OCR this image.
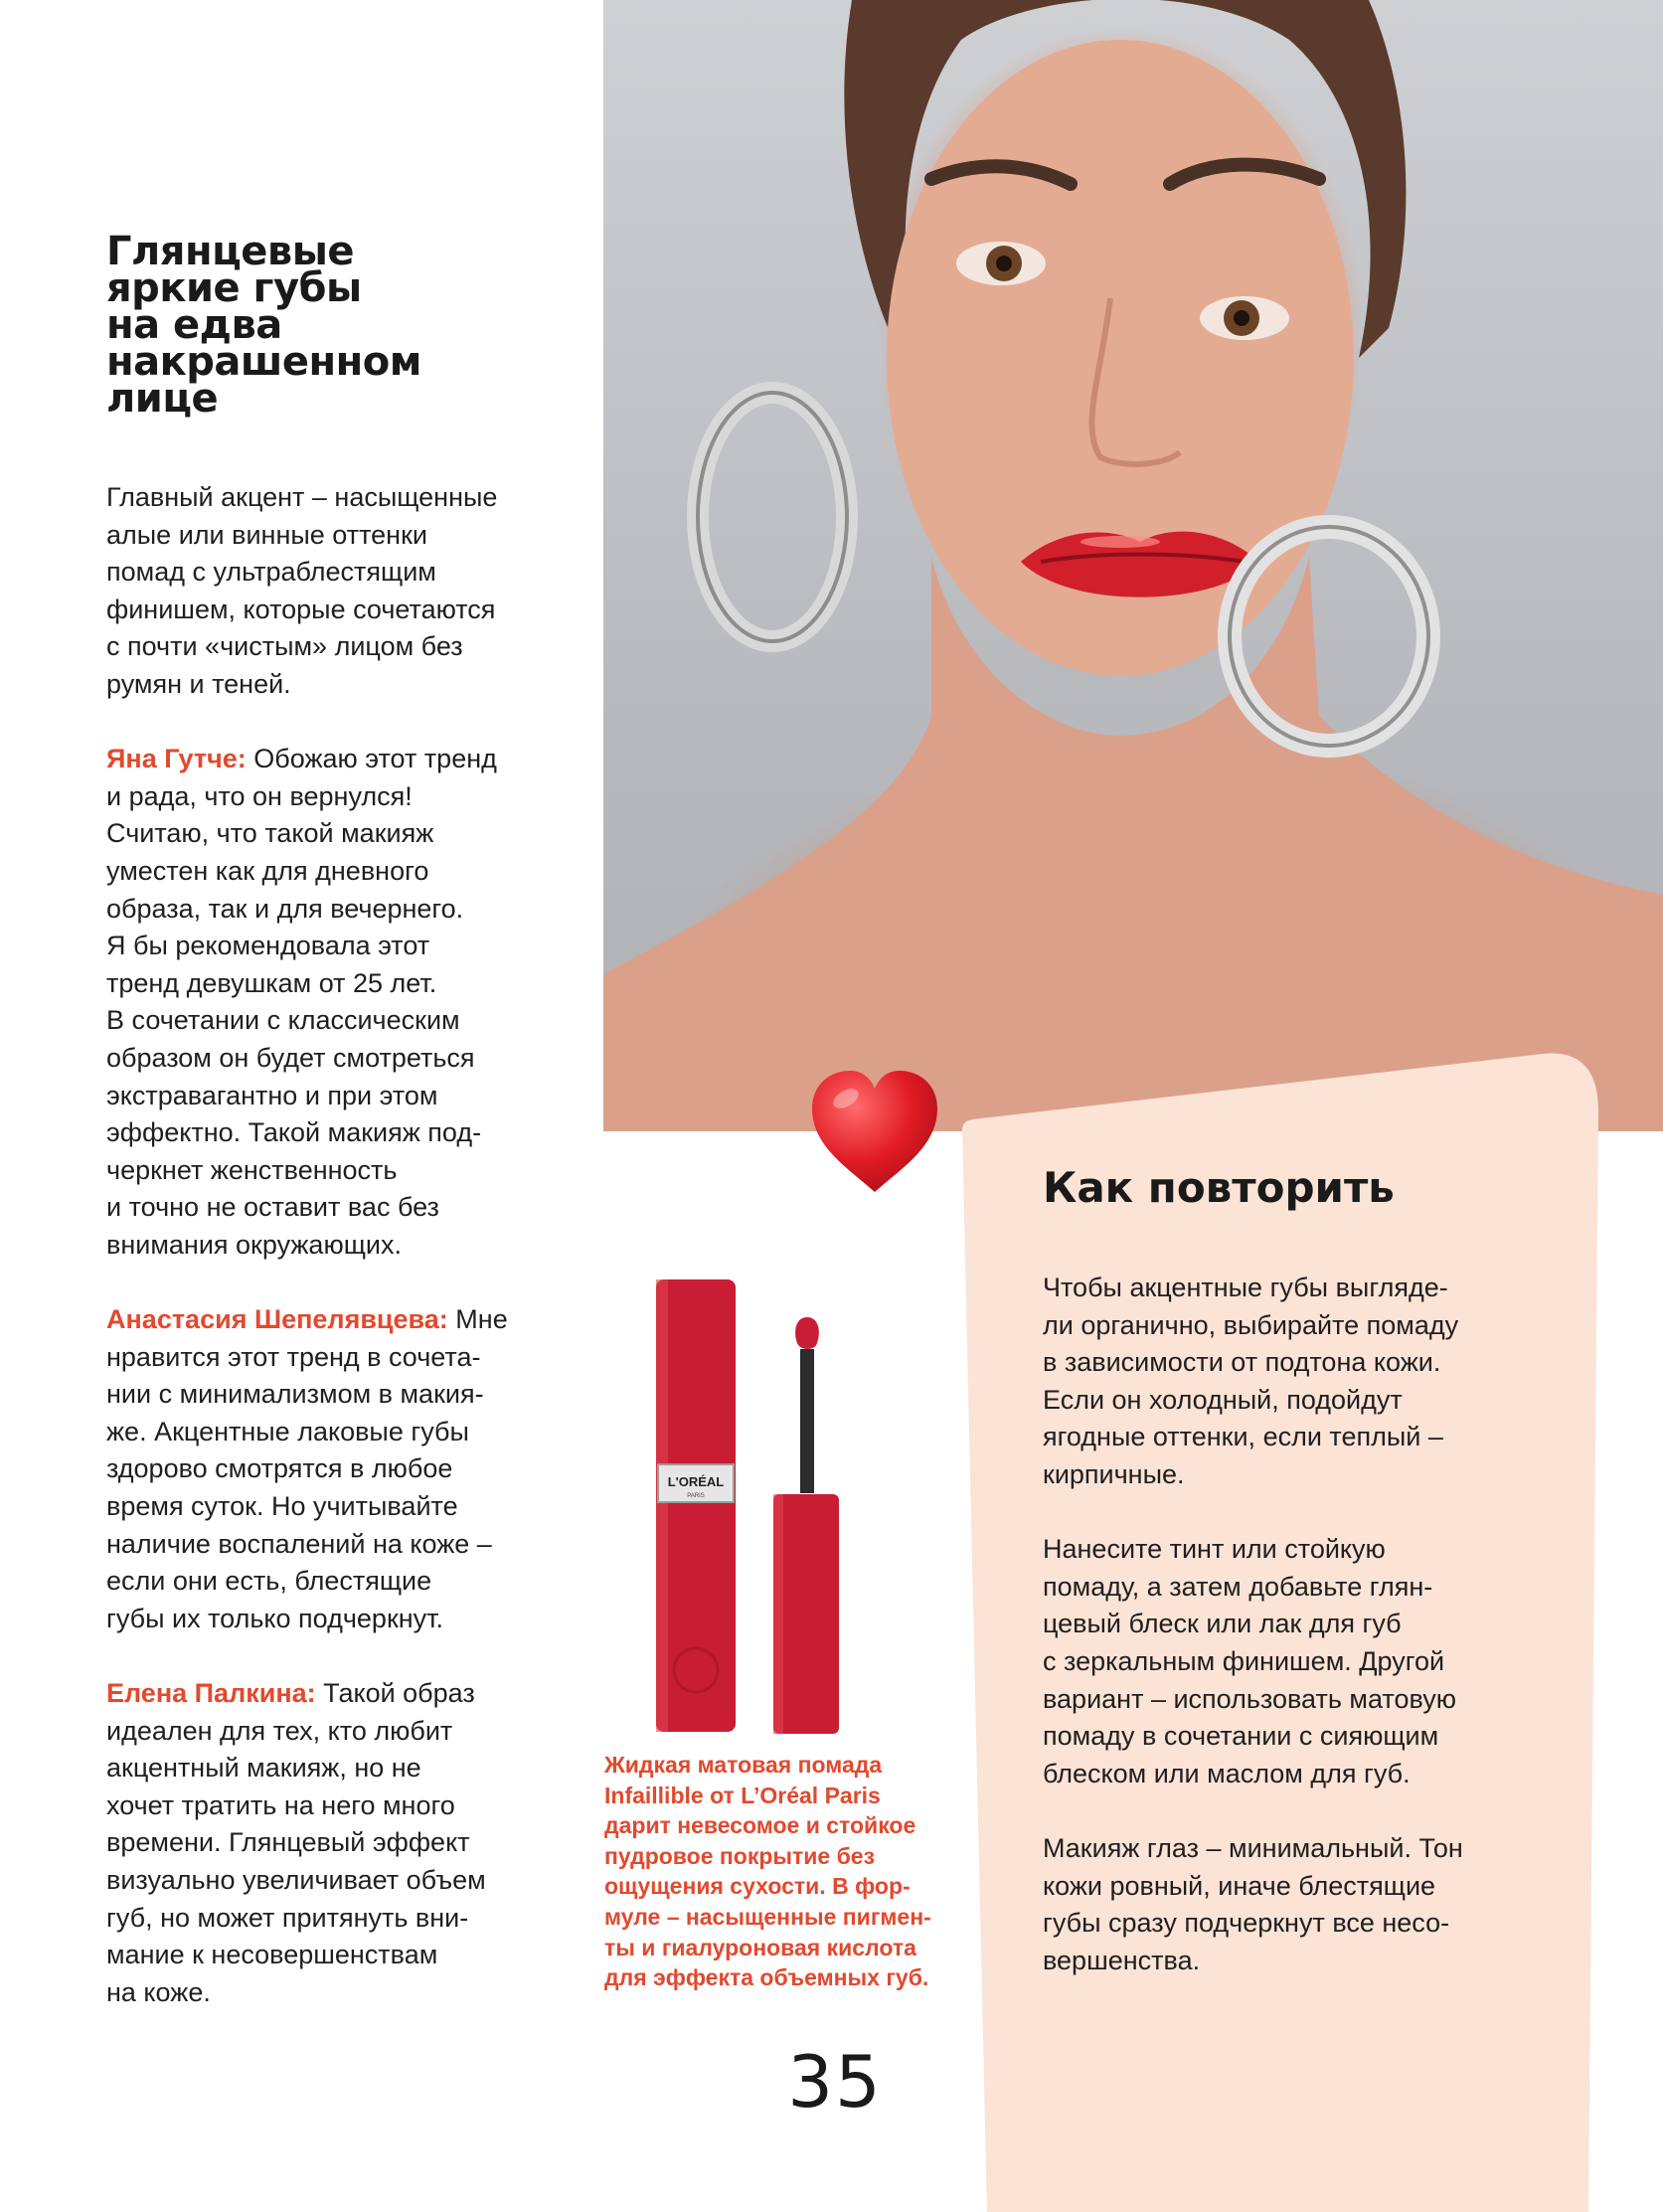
Глянцевые
яркие губы
на едва
накрашенном
лице

Главный акцент – насыщенные
алые или винные оттенки
помад с ультраблестящим
финишем, которые сочетаются
с почти «чистым» лицом без
румян и теней.

Яна Гутче: Обожаю этот тренд
и рада, что он вернулся!
Считаю, что такой макияж
уместен как для дневного
образа, так и для вечернего.
Я бы рекомендовала этот
тренд девушкам от 25 лет.
В сочетании с классическим
образом он будет смотреться
экстравагантно и при этом
эффектно. Такой макияж под-
черкнет женственность
и точно не оставит вас без
внимания окружающих.

Анастасия Шепелявцева: Мне
нравится этот тренд в сочета-
нии с минимализмом в макия-
же. Акцентные лаковые губы
здорово смотрятся в любое
время суток. Но учитывайте
наличие воспалений на коже –
если они есть, блестящие
губы их только подчеркнут.

Елена Палкина: Такой образ
идеален для тех, кто любит
акцентный макияж, но не
хочет тратить на него много
времени. Глянцевый эффект
визуально увеличивает объем
губ, но может притянуть вни-
мание к несовершенствам
на коже.

Как повторить

Чтобы акцентные губы выгляде-
ли органично, выбирайте помаду
в зависимости от подтона кожи.
Если он холодный, подойдут
ягодные оттенки, если теплый –
кирпичные.

Нанесите тинт или стойкую
помаду, а затем добавьте глян-
цевый блеск или лак для губ
с зеркальным финишем. Другой
вариант – использовать матовую
помаду в сочетании с сияющим
блеском или маслом для губ.

Макияж глаз – минимальный. Тон
кожи ровный, иначе блестящие
губы сразу подчеркнут все несо-
вершенства.

L'ORÉAL
PARIS
Жидкая матовая помада
Infaillible от L’Oréal Paris
дарит невесомое и стойкое
пудровое покрытие без
ощущения сухости. В фор-
муле – насыщенные пигмен-
ты и гиалуроновая кислота
для эффекта объемных губ.
35
